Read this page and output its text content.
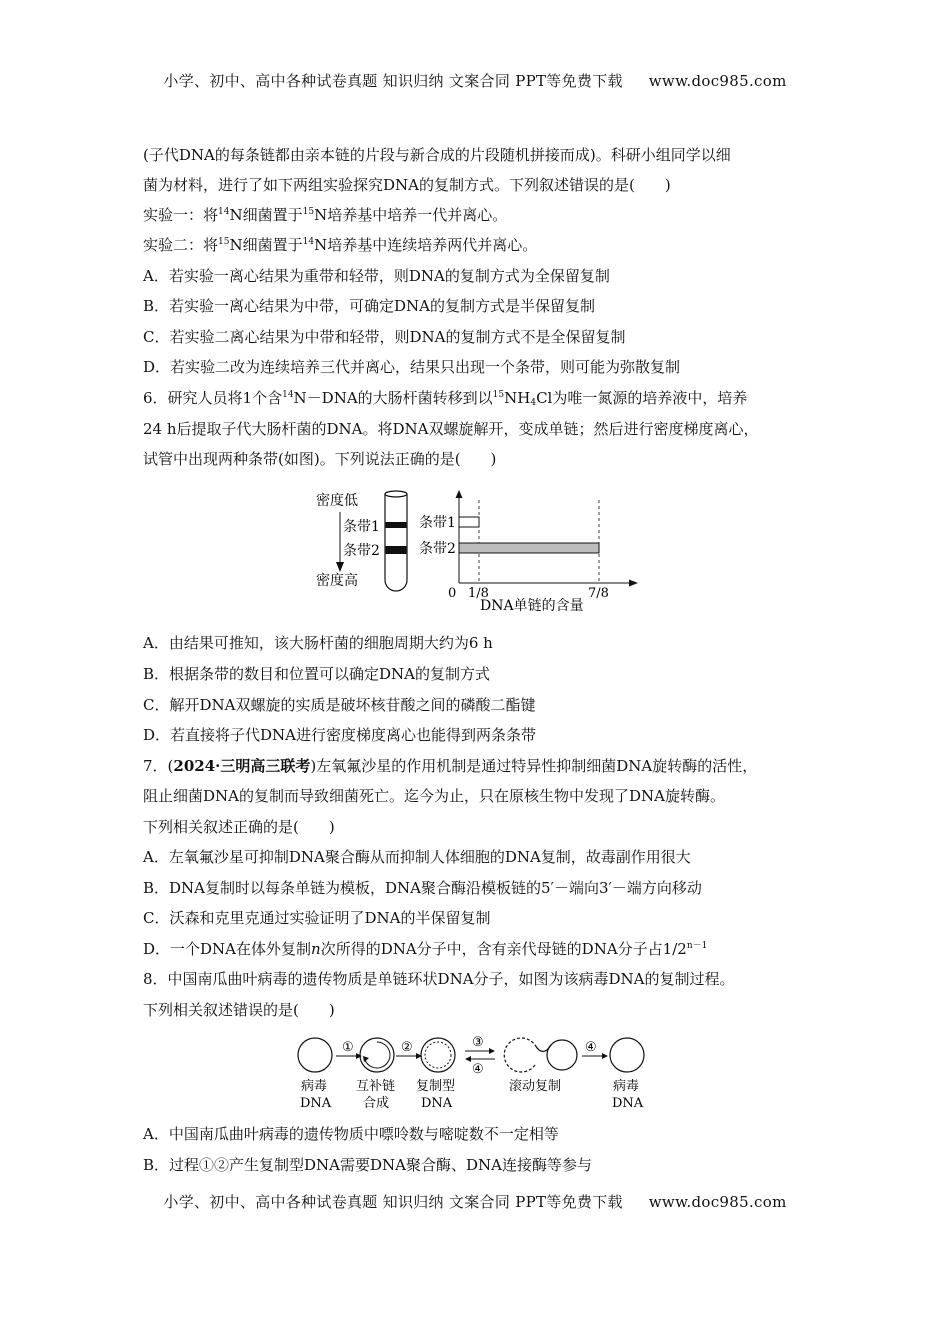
小学、初中、高中各种试卷真题 知识归纳 文案合同 PPT等免费下载 www.doc985.com
(子代DNA的每条链都由亲本链的片段与新合成的片段随机拼接而成)。科研小组同学以细
菌为材料，进行了如下两组实验探究DNA的复制方式。下列叙述错误的是(　　)
实验一：将$^{14}$N细菌置于$^{15}$N培养基中培养一代并离心。
实验二：将$^{15}$N细菌置于$^{14}$N培养基中连续培养两代并离心。
A．若实验一离心结果为重带和轻带，则DNA的复制方式为全保留复制
B．若实验一离心结果为中带，可确定DNA的复制方式是半保留复制
C．若实验二离心结果为中带和轻带，则DNA的复制方式不是全保留复制
D．若实验二改为连续培养三代并离心，结果只出现一个条带，则可能为弥散复制
6．研究人员将1个含$^{14}$N－DNA的大肠杆菌转移到以$^{15}NH_4Cl$为唯一氮源的培养液中，培养
24 h后提取子代大肠杆菌的DNA。将DNA双螺旋解开，变成单链；然后进行密度梯度离心，
试管中出现两种条带(如图)。下列说法正确的是(　　)
密度低
密度高
条带1
条带2
条带1
条带2
0
DNA单链的含量
1/8	7/8
A．由结果可推知，该大肠杆菌的细胞周期大约为6 h
B．根据条带的数目和位置可以确定DNA的复制方式
C．解开DNA双螺旋的实质是破坏核苷酸之间的磷酸二酯键
D．若直接将子代DNA进行密度梯度离心也能得到两条条带
7．(2024·三明高三联考)左氧氟沙星的作用机制是通过特异性抑制细菌DNA旋转酶的活性，
阻止细菌DNA的复制而导致细菌死亡。迄今为止，只在原核生物中发现了DNA旋转酶。
下列相关叙述正确的是(　　)
A．左氧氟沙星可抑制DNA聚合酶从而抑制人体细胞的DNA复制，故毒副作用很大
B．DNA复制时以每条单链为模板，DNA聚合酶沿模板链的5′－端向3′－端方向移动
C．沃森和克里克通过实验证明了DNA的半保留复制
D．一个DNA在体外复制n次所得的DNA分子中，含有亲代母链的DNA分子占$1/2^{n-1}$
8．中国南瓜曲叶病毒的遗传物质是单链环状DNA分子，如图为该病毒DNA的复制过程。
下列相关叙述错误的是(　　)
①	②	③
④
④
病毒
DNA
互补链
合成
复制型
DNA
滚动复制	病毒
DNA
A．中国南瓜曲叶病毒的遗传物质中嘌呤数与嘧啶数不一定相等
B．过程①②产生复制型DNA需要DNA聚合酶、DNA连接酶等参与
小学、初中、高中各种试卷真题 知识归纳 文案合同 PPT等免费下载 www.doc985.com
